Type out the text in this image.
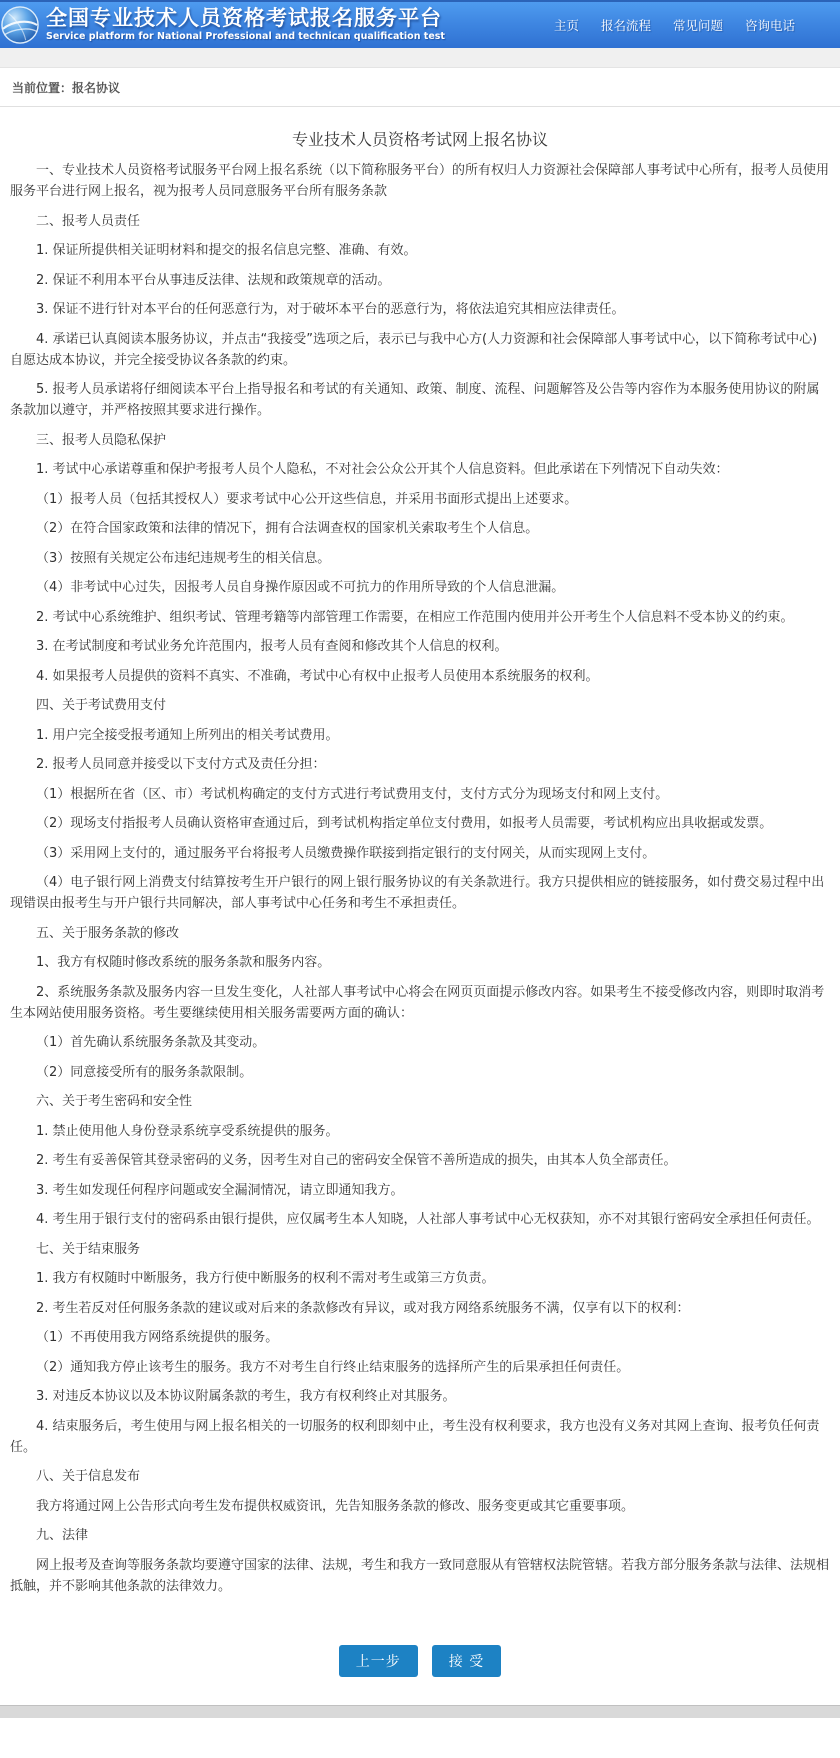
全国专业技术人员资格考试报名服务平台
Service platform for National Professional and technican qualification test
主页 报名流程 常见问题 咨询电话
当前位置：报名协议
专业技术人员资格考试网上报名协议

一、专业技术人员资格考试服务平台网上报名系统（以下简称服务平台）的所有权归人力资源社会保障部人事考试中心所有，报考人员使用服务平台进行网上报名，视为报考人员同意服务平台所有服务条款

二、报考人员责任

1. 保证所提供相关证明材料和提交的报名信息完整、准确、有效。

2. 保证不利用本平台从事违反法律、法规和政策规章的活动。

3. 保证不进行针对本平台的任何恶意行为，对于破坏本平台的恶意行为，将依法追究其相应法律责任。

4. 承诺已认真阅读本服务协议，并点击“我接受”选项之后，表示已与我中心方(人力资源和社会保障部人事考试中心，以下简称考试中心)自愿达成本协议，并完全接受协议各条款的约束。

5. 报考人员承诺将仔细阅读本平台上指导报名和考试的有关通知、政策、制度、流程、问题解答及公告等内容作为本服务使用协议的附属条款加以遵守，并严格按照其要求进行操作。

三、报考人员隐私保护

1. 考试中心承诺尊重和保护考报考人员个人隐私，不对社会公众公开其个人信息资料。但此承诺在下列情况下自动失效：

（1）报考人员（包括其授权人）要求考试中心公开这些信息，并采用书面形式提出上述要求。

（2）在符合国家政策和法律的情况下，拥有合法调查权的国家机关索取考生个人信息。

（3）按照有关规定公布违纪违规考生的相关信息。

（4）非考试中心过失，因报考人员自身操作原因或不可抗力的作用所导致的个人信息泄漏。

2. 考试中心系统维护、组织考试、管理考籍等内部管理工作需要，在相应工作范围内使用并公开考生个人信息料不受本协义的约束。

3. 在考试制度和考试业务允许范围内，报考人员有查阅和修改其个人信息的权利。

4. 如果报考人员提供的资料不真实、不准确，考试中心有权中止报考人员使用本系统服务的权利。

四、关于考试费用支付

1. 用户完全接受报考通知上所列出的相关考试费用。

2. 报考人员同意并接受以下支付方式及责任分担：

（1）根据所在省（区、市）考试机构确定的支付方式进行考试费用支付，支付方式分为现场支付和网上支付。

（2）现场支付指报考人员确认资格审查通过后，到考试机构指定单位支付费用，如报考人员需要，考试机构应出具收据或发票。

（3）采用网上支付的，通过服务平台将报考人员缴费操作联接到指定银行的支付网关，从而实现网上支付。

（4）电子银行网上消费支付结算按考生开户银行的网上银行服务协议的有关条款进行。我方只提供相应的链接服务，如付费交易过程中出现错误由报考生与开户银行共同解决，部人事考试中心任务和考生不承担责任。

五、关于服务条款的修改

1、我方有权随时修改系统的服务条款和服务内容。

2、系统服务条款及服务内容一旦发生变化，人社部人事考试中心将会在网页页面提示修改内容。如果考生不接受修改内容，则即时取消考生本网站使用服务资格。考生要继续使用相关服务需要两方面的确认：

（1）首先确认系统服务条款及其变动。

（2）同意接受所有的服务条款限制。

六、关于考生密码和安全性

1. 禁止使用他人身份登录系统享受系统提供的服务。

2. 考生有妥善保管其登录密码的义务，因考生对自己的密码安全保管不善所造成的损失，由其本人负全部责任。

3. 考生如发现任何程序问题或安全漏洞情况，请立即通知我方。

4. 考生用于银行支付的密码系由银行提供，应仅属考生本人知晓，人社部人事考试中心无权获知，亦不对其银行密码安全承担任何责任。

七、关于结束服务

1. 我方有权随时中断服务，我方行使中断服务的权利不需对考生或第三方负责。

2. 考生若反对任何服务条款的建议或对后来的条款修改有异议，或对我方网络系统服务不满，仅享有以下的权利：

（1）不再使用我方网络系统提供的服务。

（2）通知我方停止该考生的服务。我方不对考生自行终止结束服务的选择所产生的后果承担任何责任。

3. 对违反本协议以及本协议附属条款的考生，我方有权利终止对其服务。

4. 结束服务后，考生使用与网上报名相关的一切服务的权利即刻中止，考生没有权利要求，我方也没有义务对其网上查询、报考负任何责任。

八、关于信息发布

我方将通过网上公告形式向考生发布提供权威资讯，先告知服务条款的修改、服务变更或其它重要事项。

九、法律

网上报考及查询等服务条款均要遵守国家的法律、法规，考生和我方一致同意服从有管辖权法院管辖。若我方部分服务条款与法律、法规相抵触，并不影响其他条款的法律效力。

上一步	接 受
